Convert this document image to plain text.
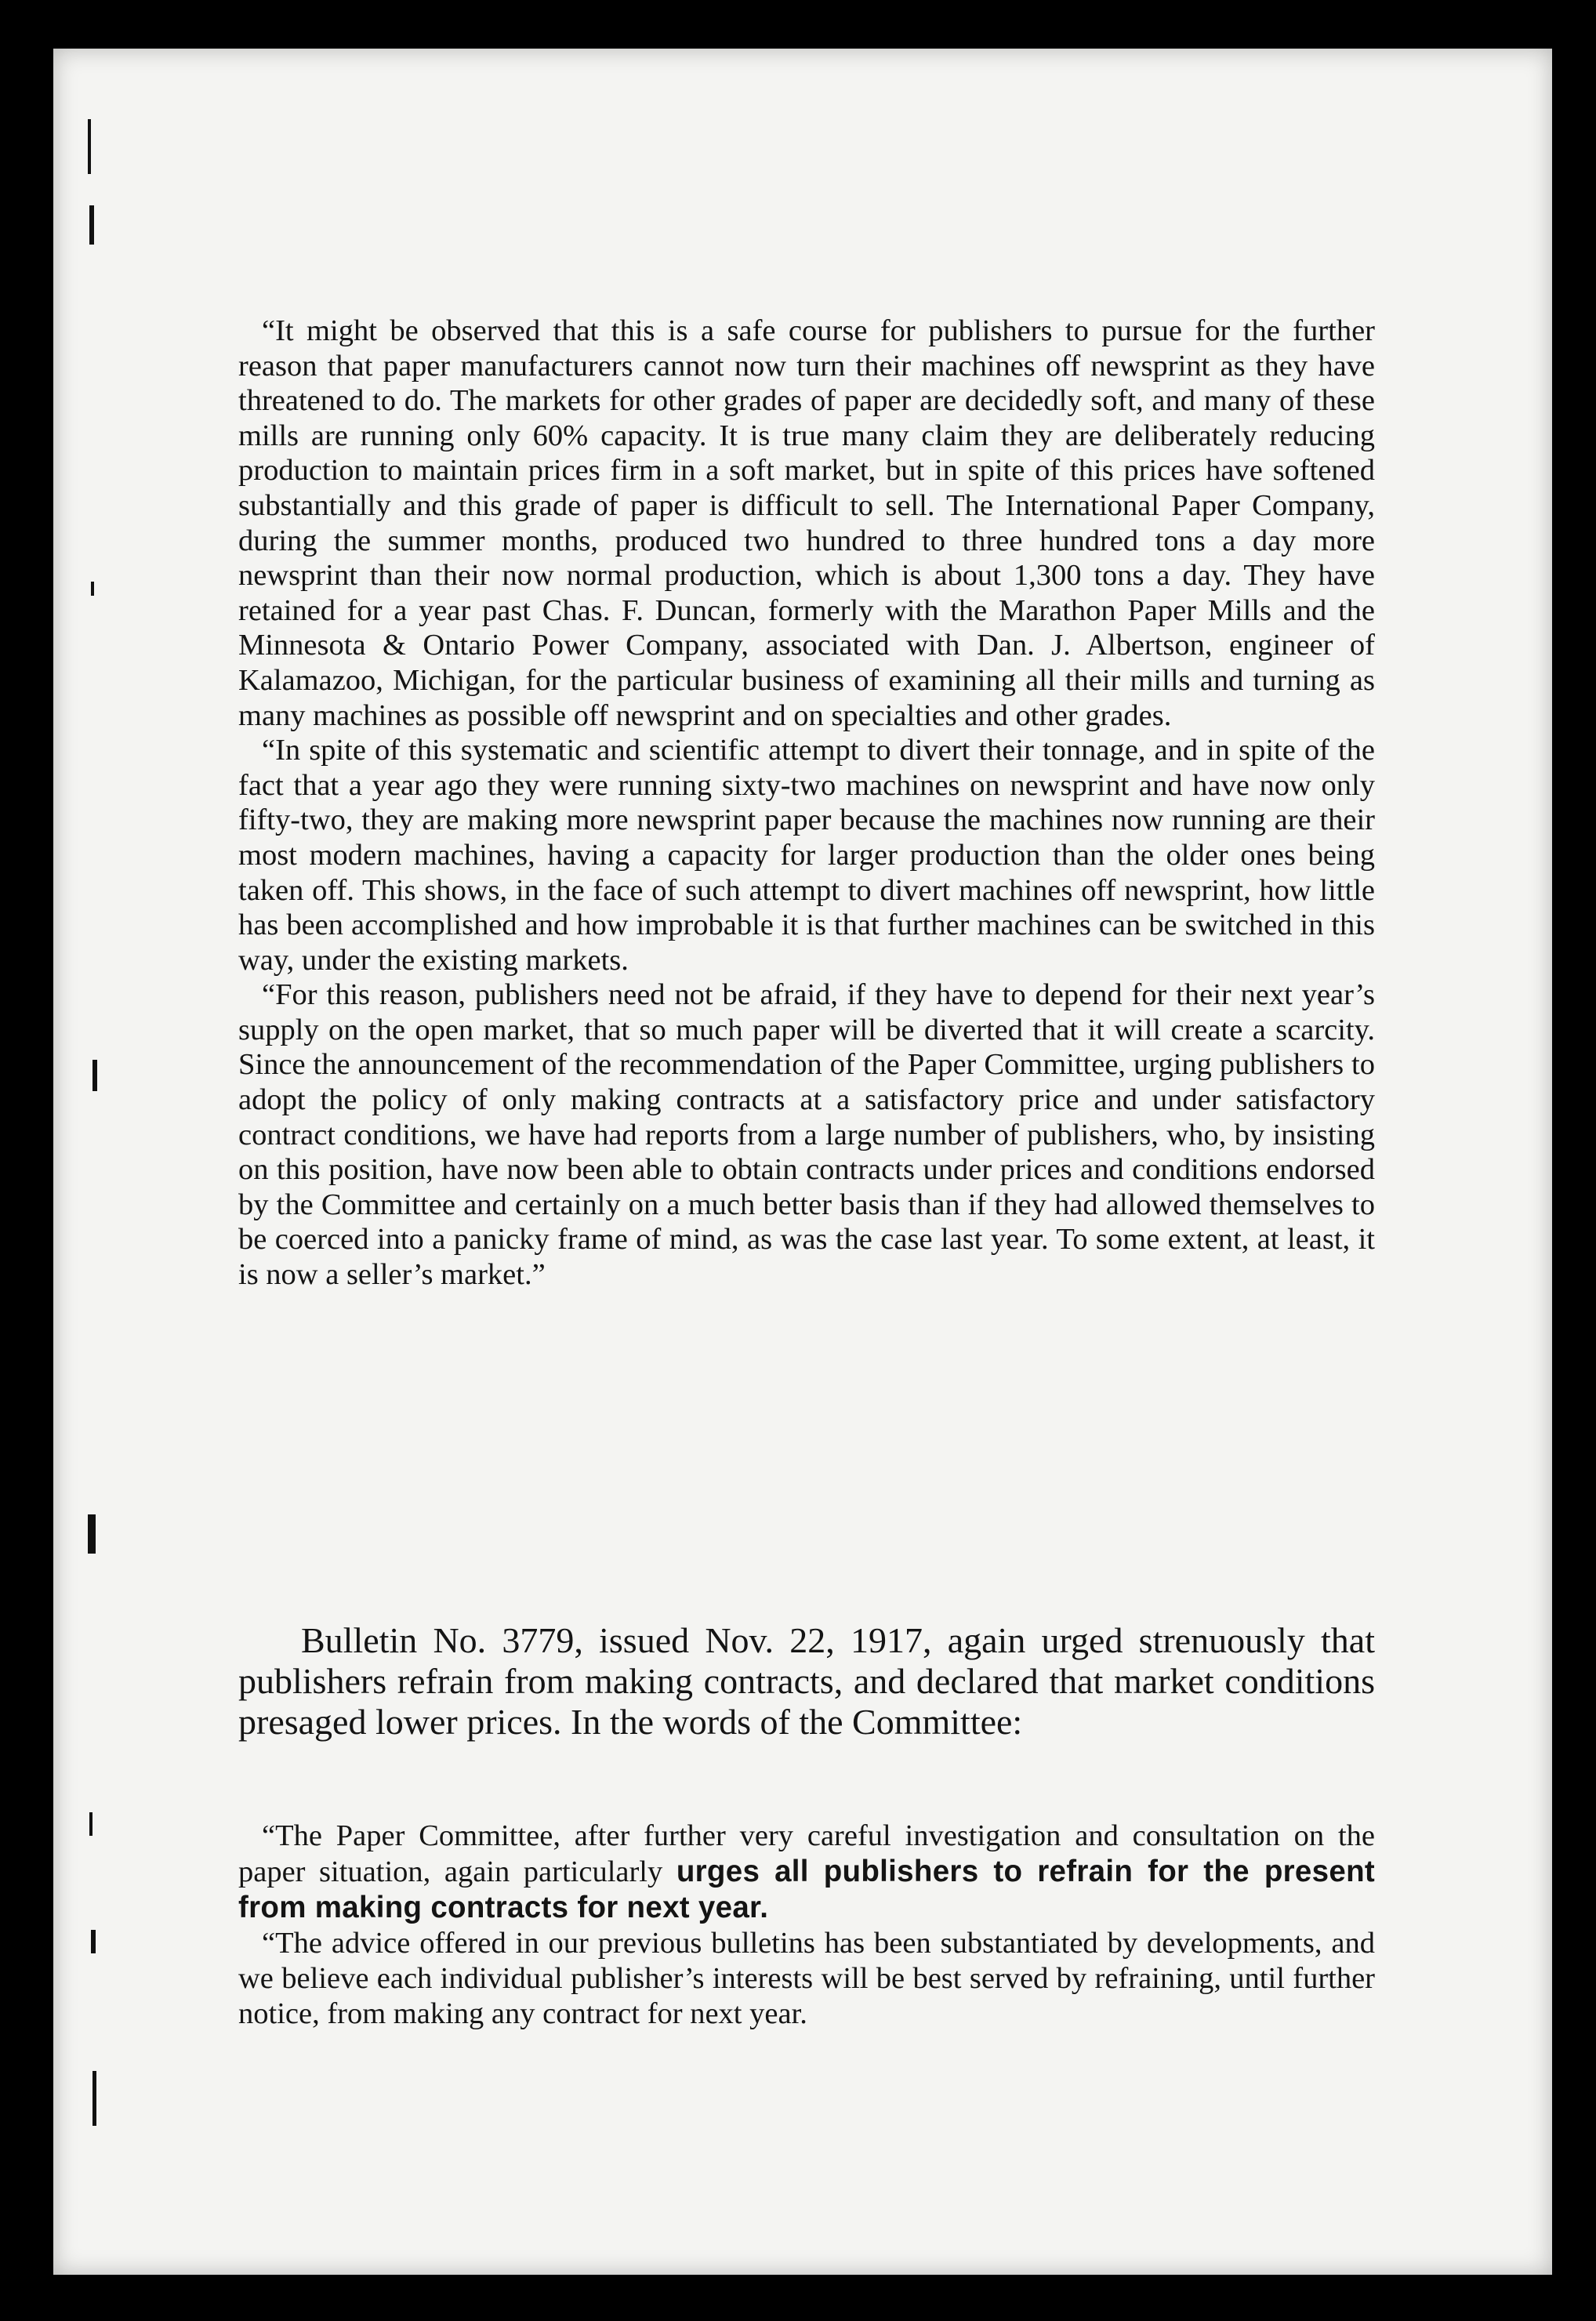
“It might be observed that this is a safe course for publishers to pursue for the further reason that paper manufacturers cannot now turn their machines off newsprint as they have threatened to do. The markets for other grades of paper are decidedly soft, and many of these mills are running only 60% capacity. It is true many claim they are deliberately reducing production to maintain prices firm in a soft market, but in spite of this prices have softened substantially and this grade of paper is difficult to sell. The International Paper Company, during the summer months, produced two hundred to three hundred tons a day more newsprint than their now normal production, which is about 1,300 tons a day. They have retained for a year past Chas. F. Duncan, formerly with the Marathon Paper Mills and the Minnesota & Ontario Power Company, associated with Dan. J. Albertson, engineer of Kalamazoo, Michigan, for the particular business of examining all their mills and turning as many machines as possible off newsprint and on specialties and other grades.

“In spite of this systematic and scientific attempt to divert their tonnage, and in spite of the fact that a year ago they were running sixty-two machines on newsprint and have now only fifty-two, they are making more newsprint paper because the machines now running are their most modern machines, having a capacity for larger production than the older ones being taken off. This shows, in the face of such attempt to divert machines off newsprint, how little has been accomplished and how improbable it is that further machines can be switched in this way, under the existing markets.

“For this reason, publishers need not be afraid, if they have to depend for their next year’s supply on the open market, that so much paper will be diverted that it will create a scarcity. Since the announcement of the recommendation of the Paper Committee, urging publishers to adopt the policy of only making contracts at a satisfactory price and under satisfactory contract conditions, we have had reports from a large number of publishers, who, by insisting on this position, have now been able to obtain contracts under prices and conditions endorsed by the Committee and certainly on a much better basis than if they had allowed themselves to be coerced into a panicky frame of mind, as was the case last year. To some extent, at least, it is now a seller’s market.”

Bulletin No. 3779, issued Nov. 22, 1917, again urged strenuously that publishers refrain from making contracts, and declared that market conditions presaged lower prices. In the words of the Committee:

“The Paper Committee, after further very careful investigation and consultation on the paper situation, again particularly urges all publishers to refrain for the present from making contracts for next year.

“The advice offered in our previous bulletins has been substantiated by developments, and we believe each individual publisher’s interests will be best served by refraining, until further notice, from making any contract for next year.
